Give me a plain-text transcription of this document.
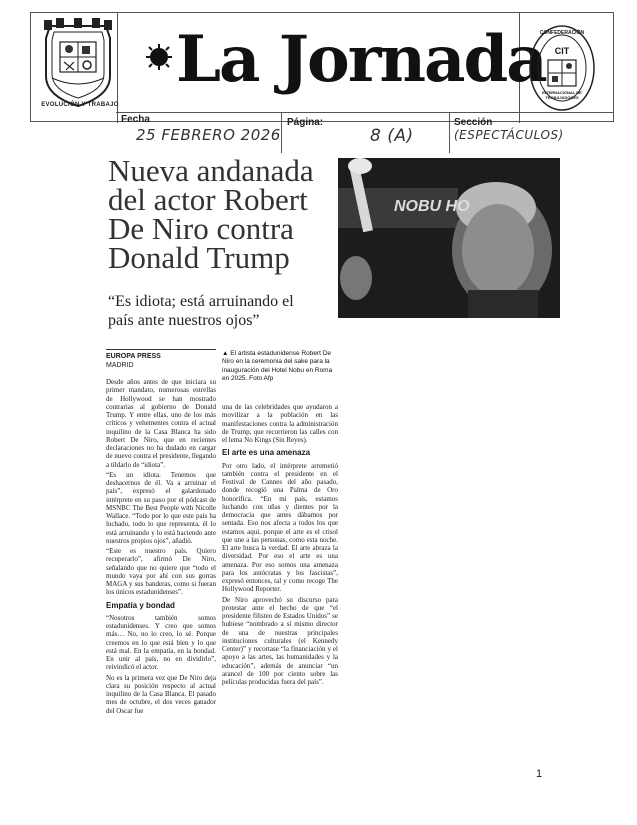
EVOLUCIÓN Y TRABAJO
La Jornada	CIT
CONFEDERACIÓN
INTERNACIONAL DE TRABAJADORES
Fecha
25 FEBRERO 2026
Página:
8 (A)
Sección
(ESPECTÁCULOS)
Nueva andanada del actor Robert De Niro contra Donald Trump
“Es idiota; está arruinando el país ante nuestros ojos”
NOBU HO
EUROPA PRESS
MADRID
▲ El artista estadunidense Robert De Niro en la ceremonia del sake para la inauguración del Hotel Nobu en Roma en 2025. Foto Afp

Desde años antes de que iniciara su primer mandato, numerosas estrellas de Hollywood se han mostrado contrarias al gobierno de Donald Trump. Y entre ellas, uno de los más críticos y vehementes contra el actual inquilino de la Casa Blanca ha sido Robert De Niro, que en recientes declaraciones no ha dudado en cargar de nuevo contra el presidente, llegando a tildarlo de “idiota”.

“Es un idiota. Tenemos que deshacernos de él. Va a arruinar el país”, expresó el galardonado intérprete en su paso por el pódcast de MSNBC The Best People with Nicolle Wallace. “Todo por lo que este país ha luchado, todo lo que representa, él lo está arruinando y lo está haciendo ante nuestros propios ojos”, añadió.

“Este es nuestro país. Quiero recuperarlo”, afirmó De Niro, señalando que no quiere que “todo el mundo vaya por ahí con sus gorras MAGA y sus banderas, como si fueran los únicos estadunidenses”.

Empatía y bondad

“Nosotros también somos estadunidenses. Y creo que somos más… No, no lo creo, lo sé. Porque creemos en lo que está bien y lo que está mal. En la empatía, en la bondad. En unir al país, no en dividirlo”, reivindicó el actor.

No es la primera vez que De Niro deja clara su posición respecto al actual inquilino de la Casa Blanca. El pasado mes de octubre, el dos veces ganador del Oscar fue

una de las celebridades que ayudaron a movilizar a la población en las manifestaciones contra la administración de Trump, que recorrieron las calles con el lema No Kings (Sin Reyes).

El arte es una amenaza

Por otro lado, el intérprete arremetió también contra el presidente en el Festival de Cannes del año pasado, donde recogió una Palma de Oro honorífica. “En mi país, estamos luchando con uñas y dientes por la democracia que antes dábamos por sentada. Eso nos afecta a todos los que estamos aquí, porque el arte es el crisol que une a las personas, como esta noche. El arte busca la verdad. El arte abraza la diversidad. Por eso el arte es una amenaza. Por eso somos una amenaza para los autócratas y los fascistas”, expresó entonces, tal y como recoge The Hollywood Reporter.

De Niro aprovechó su discurso para protestar ante el hecho de que “el presidente filisteo de Estados Unidos” se hubiese “nombrado a sí mismo director de una de nuestras principales instituciones culturales (el Kennedy Center)” y recortase “la financiación y el apoyo a las artes, las humanidades y la educación”, además de anunciar “un arancel de 100 por ciento sobre las películas producidas fuera del país”.

1
